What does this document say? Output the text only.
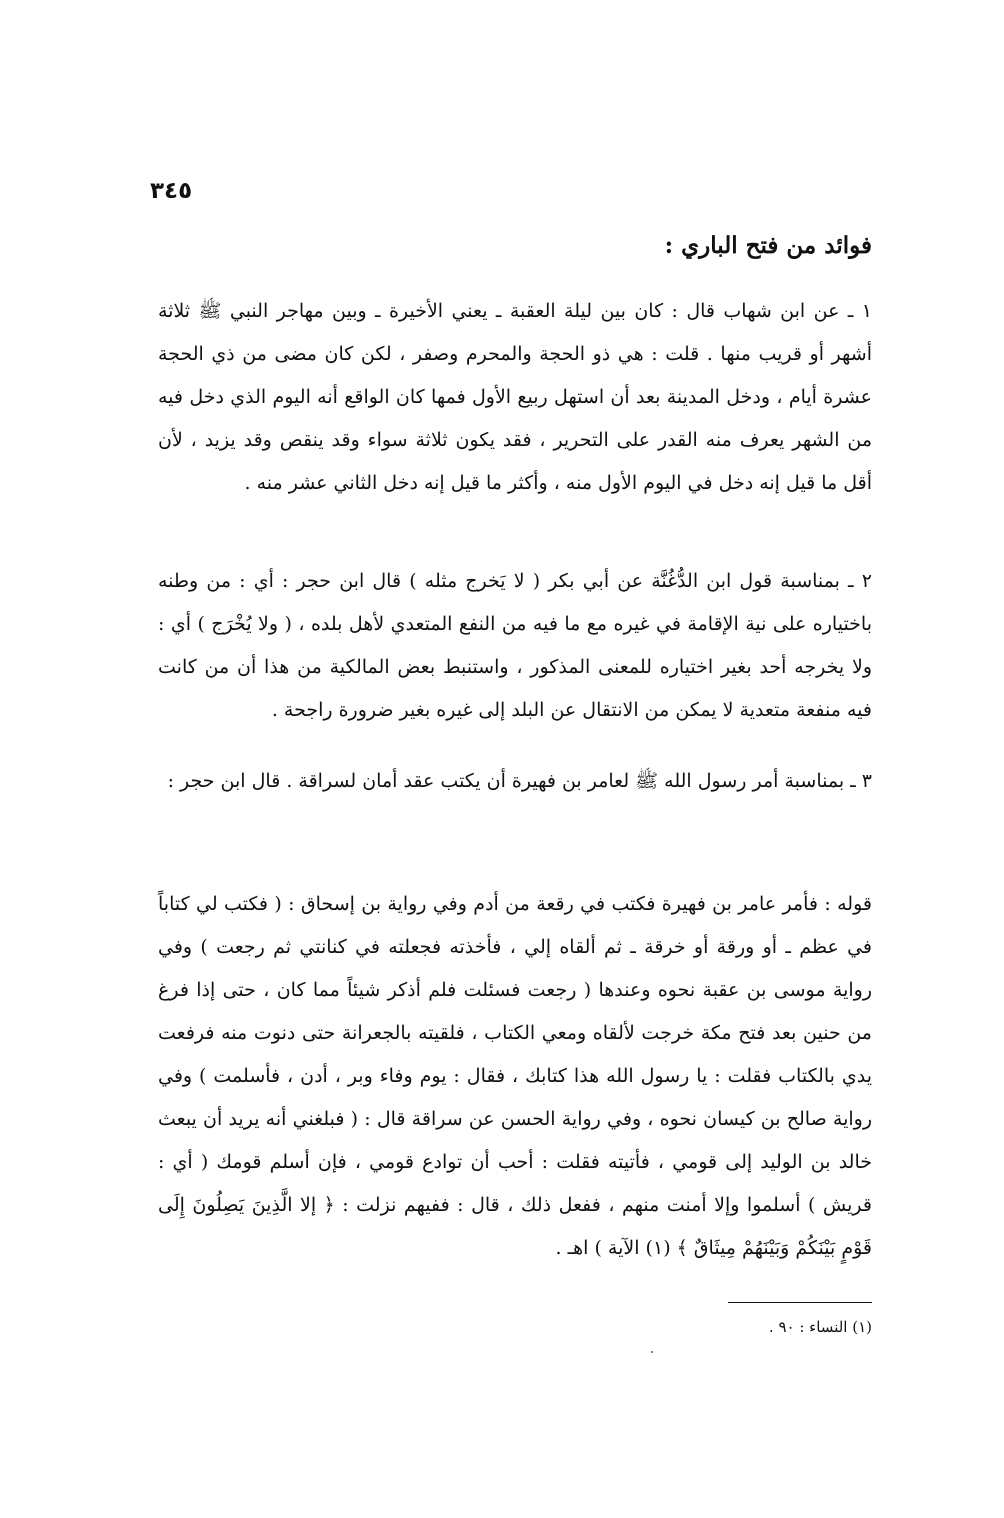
٣٤٥
فوائد من فتح الباري :

١ ـ عن ابن شهاب قال : كان بين ليلة العقبة ـ يعني الأخيرة ـ وبين مهاجر النبي ﷺ ثلاثة أشهر أو قريب منها . قلت : هي ذو الحجة والمحرم وصفر ، لكن كان مضى من ذي الحجة عشرة أيام ، ودخل المدينة بعد أن استهل ربيع الأول فمها كان الواقع أنه اليوم الذي دخل فيه من الشهر يعرف منه القدر على التحرير ، فقد يكون ثلاثة سواء وقد ينقص وقد يزيد ، لأن أقل ما قيل إنه دخل في اليوم الأول منه ، وأكثر ما قيل إنه دخل الثاني عشر منه .

٢ ـ بمناسبة قول ابن الدُّغُنَّة عن أبي بكر ( لا يَخرج مثله ) قال ابن حجر : أي : من وطنه باختياره على نية الإقامة في غيره مع ما فيه من النفع المتعدي لأهل بلده ، ( ولا يُخْرَج ) أي : ولا يخرجه أحد بغير اختياره للمعنى المذكور ، واستنبط بعض المالكية من هذا أن من كانت فيه منفعة متعدية لا يمكن من الانتقال عن البلد إلى غيره بغير ضرورة راجحة .

٣ ـ بمناسبة أمر رسول الله ﷺ لعامر بن فهيرة أن يكتب عقد أمان لسراقة . قال ابن حجر :

قوله : فأمر عامر بن فهيرة فكتب في رقعة من أدم وفي رواية بن إسحاق : ( فكتب لي كتاباً في عظم ـ أو ورقة أو خرقة ـ ثم ألقاه إلي ، فأخذته فجعلته في كنانتي ثم رجعت ) وفي رواية موسى بن عقبة نحوه وعندها ( رجعت فسئلت فلم أذكر شيئاً مما كان ، حتى إذا فرغ من حنين بعد فتح مكة خرجت لألقاه ومعي الكتاب ، فلقيته بالجعرانة حتى دنوت منه فرفعت يدي بالكتاب فقلت : يا رسول الله هذا كتابك ، فقال : يوم وفاء وبر ، أدن ، فأسلمت ) وفي رواية صالح بن كيسان نحوه ، وفي رواية الحسن عن سراقة قال : ( فبلغني أنه يريد أن يبعث خالد بن الوليد إلى قومي ، فأتيته فقلت : أحب أن توادع قومي ، فإن أسلم قومك ( أي : قريش ) أسلموا وإلا أمنت منهم ، ففعل ذلك ، قال : ففيهم نزلت : ﴿ إلا الَّذِينَ يَصِلُونَ إِلَى قَوْمٍ بَيْنَكُمْ وَبَيْنَهُمْ مِيثَاقٌ ﴾ (١) الآية ) اهـ .

(١) النساء : ٩٠ .
